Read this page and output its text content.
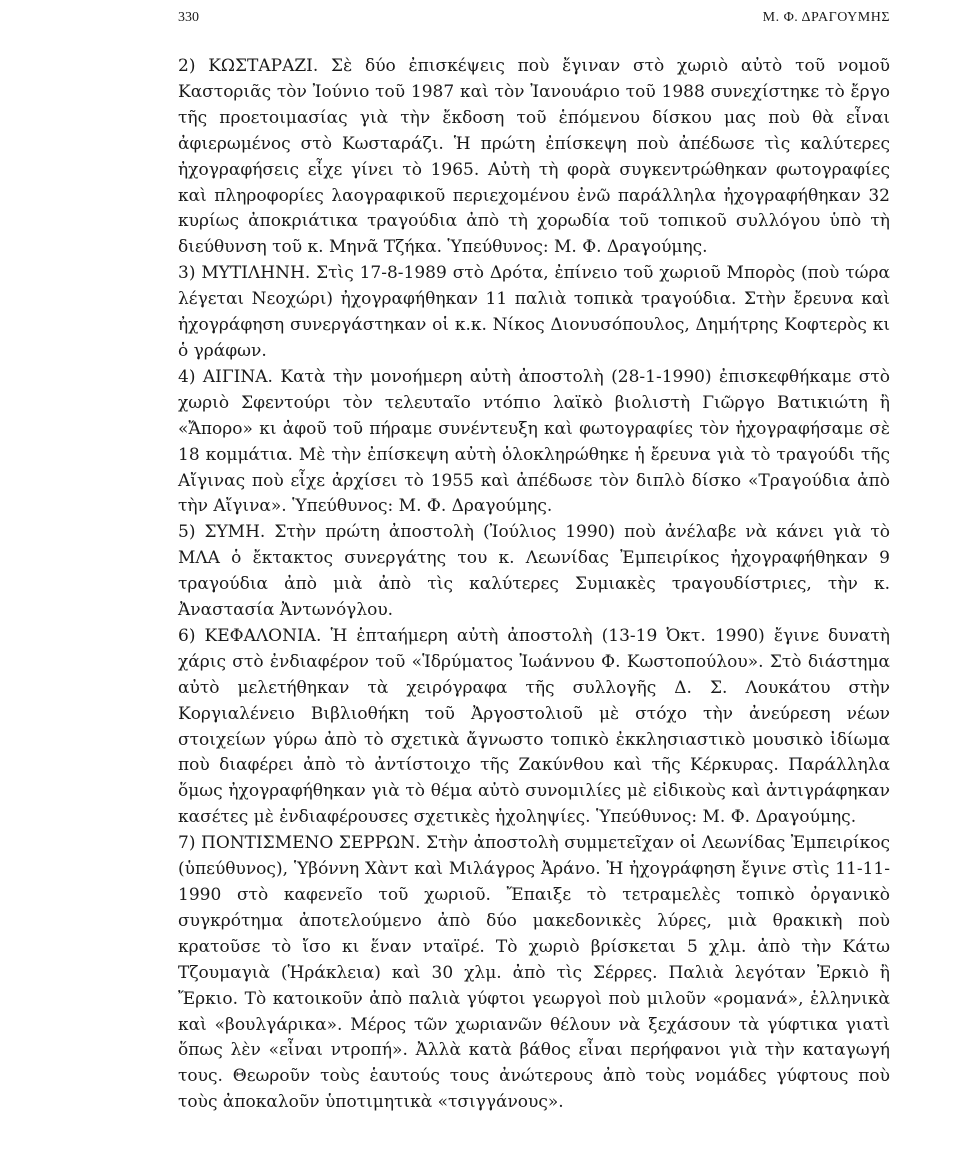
330	Μ. Φ. ΔΡΑΓΟΥΜΗΣ

2) ΚΩΣΤΑΡΑΖΙ. Σὲ δύο ἐπισκέψεις ποὺ ἔγιναν στὸ χωριὸ αὐτὸ τοῦ νομοῦ Καστοριᾶς τὸν Ἰούνιο τοῦ 1987 καὶ τὸν Ἰανουάριο τοῦ 1988 συνεχίστηκε τὸ ἔργο τῆς προετοιμασίας γιὰ τὴν ἔκδοση τοῦ ἑπόμενου δίσκου μας ποὺ θὰ εἶναι ἀφιερωμένος στὸ Κωσταράζι. Ἡ πρώτη ἐπίσκεψη ποὺ ἀπέδωσε τὶς καλύτερες ἠχογραφήσεις εἶχε γίνει τὸ 1965. Αὐτὴ τὴ φορὰ συγκεντρώθηκαν φωτογραφίες καὶ πληροφορίες λαογραφικοῦ περιεχομένου ἐνῶ παράλληλα ἠχογραφήθηκαν 32 κυρίως ἀποκριάτικα τραγούδια ἀπὸ τὴ χορωδία τοῦ τοπικοῦ συλλόγου ὑπὸ τὴ διεύθυνση τοῦ κ. Μηνᾶ Τζήκα. Ὑπεύθυνος: Μ. Φ. Δραγούμης.

3) ΜΥΤΙΛΗΝΗ. Στὶς 17-8-1989 στὸ Δρότα, ἐπίνειο τοῦ χωριοῦ Μπορὸς (ποὺ τώρα λέγεται Νεοχώρι) ἠχογραφήθηκαν 11 παλιὰ τοπικὰ τραγούδια. Στὴν ἔρευνα καὶ ἠχογράφηση συνεργάστηκαν οἱ κ.κ. Νίκος Διονυσόπουλος, Δημήτρης Κοφτερὸς κι ὁ γράφων.

4) ΑΙΓΙΝΑ. Κατὰ τὴν μονοήμερη αὐτὴ ἀποστολὴ (28-1-1990) ἐπισκεφθήκαμε στὸ χωριὸ Σφεντούρι τὸν τελευταῖο ντόπιο λαϊκὸ βιολιστὴ Γιῶργο Βατικιώτη ἢ «Ἄπορο» κι ἀφοῦ τοῦ πήραμε συνέντευξη καὶ φωτογραφίες τὸν ἠχογραφήσαμε σὲ 18 κομμάτια. Μὲ τὴν ἐπίσκεψη αὐτὴ ὁλοκληρώθηκε ἡ ἔρευνα γιὰ τὸ τραγούδι τῆς Αἴγινας ποὺ εἶχε ἀρχίσει τὸ 1955 καὶ ἀπέδωσε τὸν διπλὸ δίσκο «Τραγούδια ἀπὸ τὴν Αἴγινα». Ὑπεύθυνος: Μ. Φ. Δραγούμης.

5) ΣΥΜΗ. Στὴν πρώτη ἀποστολὴ (Ἰούλιος 1990) ποὺ ἀνέλαβε νὰ κάνει γιὰ τὸ ΜΛΑ ὁ ἔκτακτος συνεργάτης του κ. Λεωνίδας Ἐμπειρίκος ἠχογραφήθηκαν 9 τραγούδια ἀπὸ μιὰ ἀπὸ τὶς καλύτερες Συμιακὲς τραγουδίστριες, τὴν κ. Ἀναστασία Ἀντωνόγλου.

6) ΚΕΦΑΛΟΝΙΑ. Ἡ ἑπταήμερη αὐτὴ ἀποστολὴ (13-19 Ὀκτ. 1990) ἔγινε δυνατὴ χάρις στὸ ἐνδιαφέρον τοῦ «Ἱδρύματος Ἰωάννου Φ. Κωστοπούλου». Στὸ διάστημα αὐτὸ μελετήθηκαν τὰ χειρόγραφα τῆς συλλογῆς Δ. Σ. Λουκάτου στὴν Κοργιαλένειο Βιβλιοθήκη τοῦ Ἀργοστολιοῦ μὲ στόχο τὴν ἀνεύρεση νέων στοιχείων γύρω ἀπὸ τὸ σχετικὰ ἄγνωστο τοπικὸ ἐκκλησιαστικὸ μουσικὸ ἰδίωμα ποὺ διαφέρει ἀπὸ τὸ ἀντίστοιχο τῆς Ζακύνθου καὶ τῆς Κέρκυρας. Παράλληλα ὅμως ἠχογραφήθηκαν γιὰ τὸ θέμα αὐτὸ συνομιλίες μὲ εἰδικοὺς καὶ ἀντιγράφηκαν κασέτες μὲ ἐνδιαφέρουσες σχετικὲς ἠχοληψίες. Ὑπεύθυνος: Μ. Φ. Δραγούμης.

7) ΠΟΝΤΙΣΜΕΝΟ ΣΕΡΡΩΝ. Στὴν ἀποστολὴ συμμετεῖχαν οἱ Λεωνίδας Ἐμπειρίκος (ὑπεύθυνος), Ὑβόννη Χὰντ καὶ Μιλάγρος Ἀράνο. Ἡ ἠχογράφηση ἔγινε στὶς 11-11-1990 στὸ καφενεῖο τοῦ χωριοῦ. Ἔπαιξε τὸ τετραμελὲς τοπικὸ ὀργανικὸ συγκρότημα ἀποτελούμενο ἀπὸ δύο μακεδονικὲς λύρες, μιὰ θρακικὴ ποὺ κρατοῦσε τὸ ἴσο κι ἕναν νταϊρέ. Τὸ χωριὸ βρίσκεται 5 χλμ. ἀπὸ τὴν Κάτω Τζουμαγιὰ (Ἡράκλεια) καὶ 30 χλμ. ἀπὸ τὶς Σέρρες. Παλιὰ λεγόταν Ἐρκιὸ ἢ Ἔρκιο. Τὸ κατοικοῦν ἀπὸ παλιὰ γύφτοι γεωργοὶ ποὺ μιλοῦν «ρομανά», ἑλληνικὰ καὶ «βουλγάρικα». Μέρος τῶν χωριανῶν θέλουν νὰ ξεχάσουν τὰ γύφτικα γιατὶ ὅπως λὲν «εἶναι ντροπή». Ἀλλὰ κατὰ βάθος εἶναι περήφανοι γιὰ τὴν καταγωγή τους. Θεωροῦν τοὺς ἑαυτούς τους ἀνώτερους ἀπὸ τοὺς νομάδες γύφτους ποὺ τοὺς ἀποκαλοῦν ὑποτιμητικὰ «τσιγγάνους».
